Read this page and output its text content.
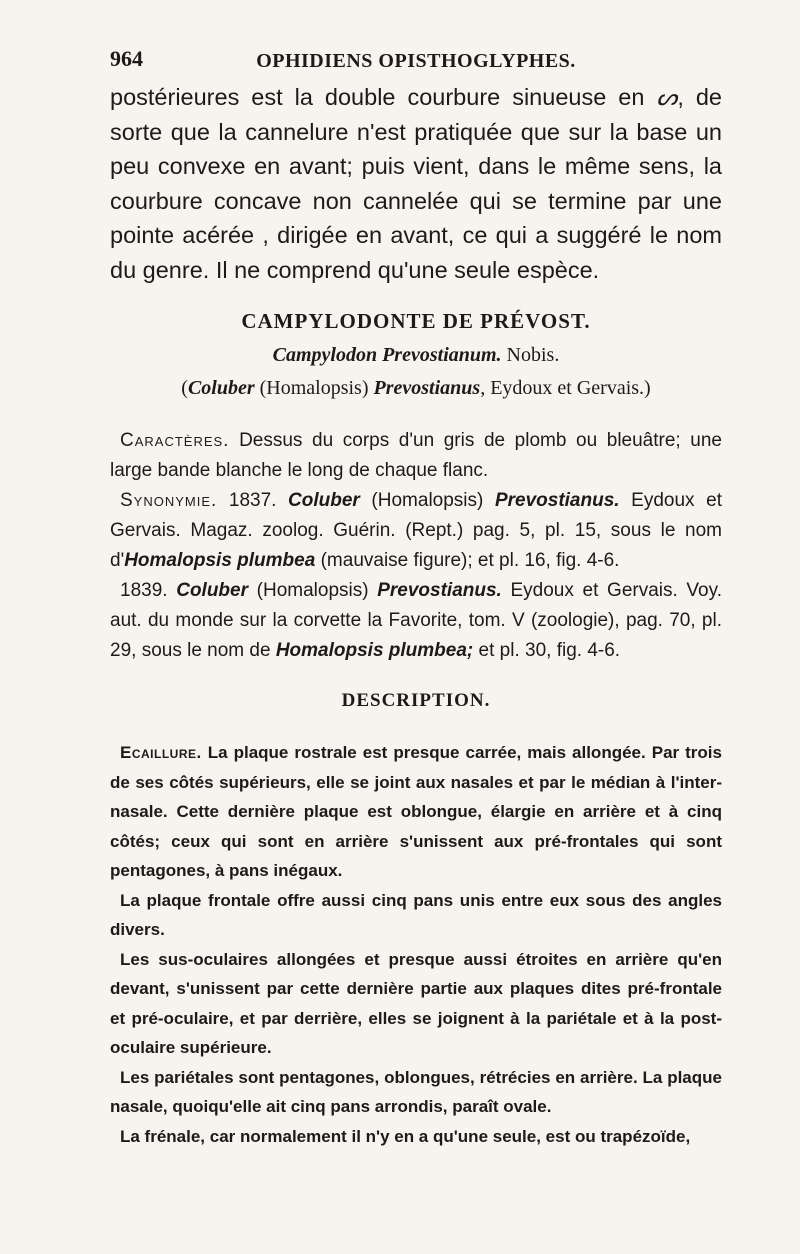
964	OPHIDIENS OPISTHOGLYPHES.

postérieures est la double courbure sinueuse en ᔕ, de sorte que la cannelure n'est pratiquée que sur la base un peu convexe en avant; puis vient, dans le même sens, la courbure concave non cannelée qui se termine par une pointe acérée , dirigée en avant, ce qui a suggéré le nom du genre. Il ne comprend qu'une seule espèce.

CAMPYLODONTE DE PRÉVOST.

Campylodon Prevostianum. Nobis.

(Coluber (Homalopsis) Prevostianus, Eydoux et Gervais.)

Caractères. Dessus du corps d'un gris de plomb ou bleuâtre; une large bande blanche le long de chaque flanc.

Synonymie. 1837. Coluber (Homalopsis) Prevostianus. Eydoux et Gervais. Magaz. zoolog. Guérin. (Rept.) pag. 5, pl. 15, sous le nom d'Homalopsis plumbea (mauvaise figure); et pl. 16, fig. 4-6.

1839. Coluber (Homalopsis) Prevostianus. Eydoux et Gervais. Voy. aut. du monde sur la corvette la Favorite, tom. V (zoologie), pag. 70, pl. 29, sous le nom de Homalopsis plumbea; et pl. 30, fig. 4-6.

DESCRIPTION.

Ecaillure. La plaque rostrale est presque carrée, mais allongée. Par trois de ses côtés supérieurs, elle se joint aux nasales et par le médian à l'inter-nasale. Cette dernière plaque est oblongue, élargie en arrière et à cinq côtés; ceux qui sont en arrière s'unissent aux pré-frontales qui sont pentagones, à pans inégaux.

La plaque frontale offre aussi cinq pans unis entre eux sous des angles divers.

Les sus-oculaires allongées et presque aussi étroites en arrière qu'en devant, s'unissent par cette dernière partie aux plaques dites pré-frontale et pré-oculaire, et par derrière, elles se joignent à la pariétale et à la post-oculaire supérieure.

Les pariétales sont pentagones, oblongues, rétrécies en arrière. La plaque nasale, quoiqu'elle ait cinq pans arrondis, paraît ovale.

La frénale, car normalement il n'y en a qu'une seule, est ou trapézoïde,
